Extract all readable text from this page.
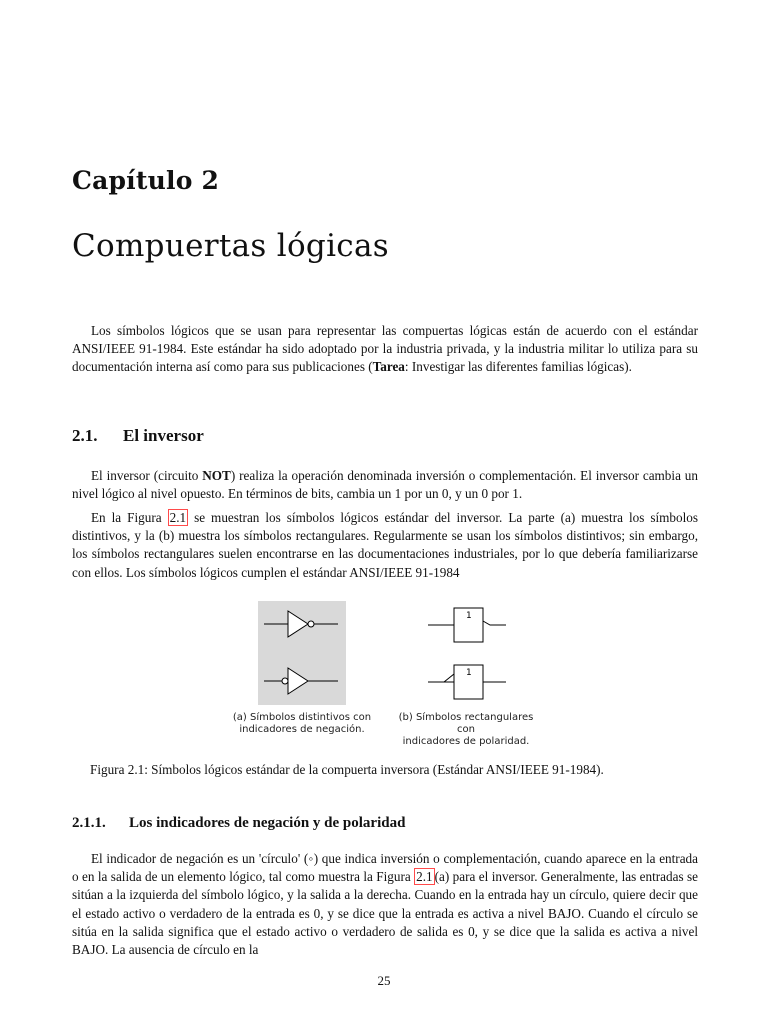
Capítulo 2
Compuertas lógicas

Los símbolos lógicos que se usan para representar las compuertas lógicas están de acuerdo con el estándar ANSI/IEEE 91-1984. Este estándar ha sido adoptado por la industria privada, y la industria militar lo utiliza para su documentación interna así como para sus publicaciones (Tarea: Investigar las diferentes familias lógicas).

2.1. El inversor

El inversor (circuito NOT) realiza la operación denominada inversión o complementación. El inversor cambia un nivel lógico al nivel opuesto. En términos de bits, cambia un 1 por un 0, y un 0 por 1.

En la Figura 2.1 se muestran los símbolos lógicos estándar del inversor. La parte (a) muestra los símbolos distintivos, y la (b) muestra los símbolos rectangulares. Regularmente se usan los símbolos distintivos; sin embargo, los símbolos rectangulares suelen encontrarse en las documentaciones industriales, por lo que debería familiarizarse con ellos. Los símbolos lógicos cumplen el estándar ANSI/IEEE 91-1984

1
1
(a) Símbolos distintivos con
indicadores de negación.
(b) Símbolos rectangulares con
indicadores de polaridad.

Figura 2.1: Símbolos lógicos estándar de la compuerta inversora (Estándar ANSI/IEEE 91-1984).

2.1.1. Los indicadores de negación y de polaridad

El indicador de negación es un 'círculo' (◦) que indica inversión o complementación, cuando aparece en la entrada o en la salida de un elemento lógico, tal como muestra la Figura 2.1 (a) para el inversor. Generalmente, las entradas se sitúan a la izquierda del símbolo lógico, y la salida a la derecha. Cuando en la entrada hay un círculo, quiere decir que el estado activo o verdadero de la entrada es 0, y se dice que la entrada es activa a nivel BAJO. Cuando el círculo se sitúa en la salida significa que el estado activo o verdadero de salida es 0, y se dice que la salida es activa a nivel BAJO. La ausencia de círculo en la

25
